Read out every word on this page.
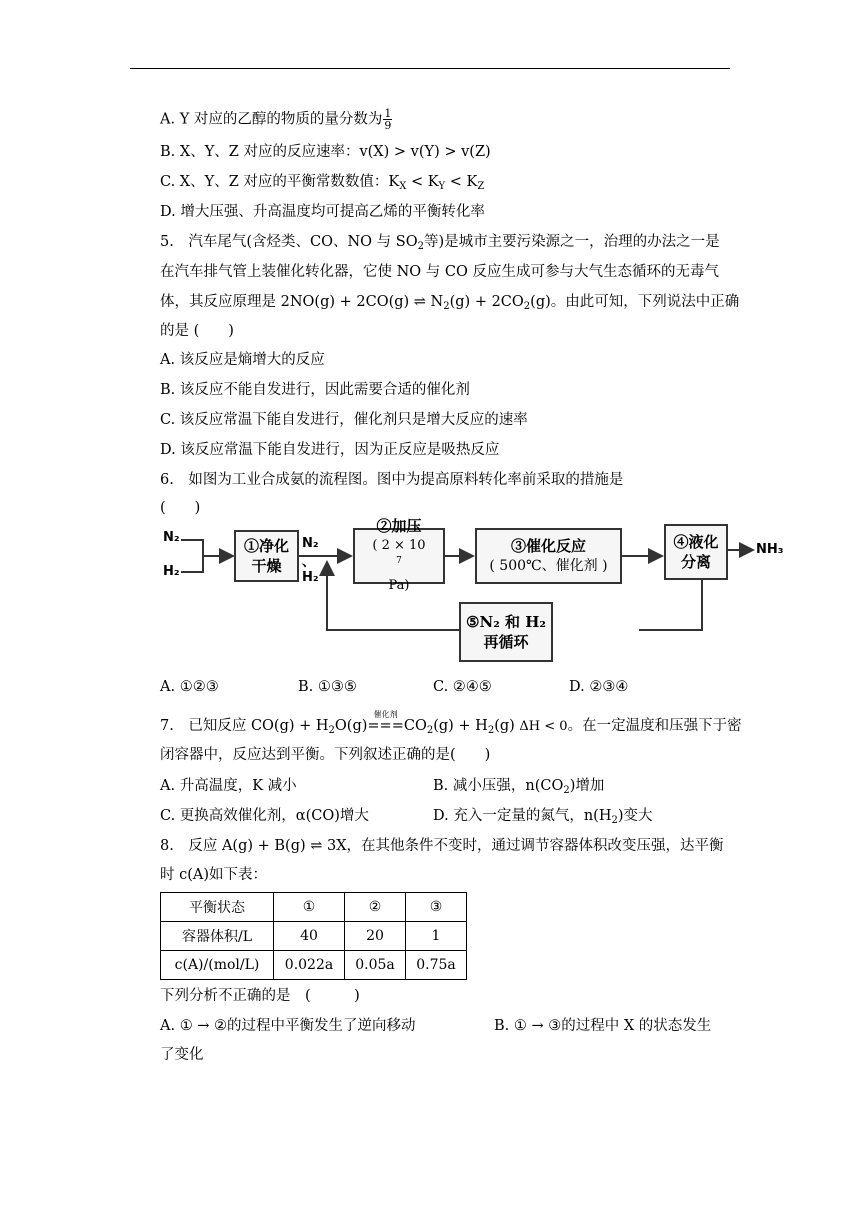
A. Y 对应的乙醇的物质的量分数为 $\frac{1}{9}$
B. X、Y、Z 对应的反应速率：v(X) > v(Y) > v(Z)
C. X、Y、Z 对应的平衡常数数值：$K_X < K_Y < K_Z$
D. 增大压强、升高温度均可提高乙烯的平衡转化率
5.　汽车尾气(含烃类、CO、NO 与 $SO_2$等)是城市主要污染源之一，治理的办法之一是
在汽车排气管上装催化转化器，它使 NO 与 CO 反应生成可参与大气生态循环的无毒气
体，其反应原理是 2NO(g) + 2CO(g) ⇌ $N_2(g) + 2CO_2(g)$。由此可知，下列说法中正确
的是 (　　)
A. 该反应是熵增大的反应
B. 该反应不能自发进行，因此需要合适的催化剂
C. 该反应常温下能自发进行，催化剂只是增大反应的速率
D. 该反应常温下能自发进行，因为正反应是吸热反应
6.　如图为工业合成氨的流程图。图中为提高原料转化率前采取的措施是
(　　)
N₂
H₂
①净化
干燥
N₂ 、H₂
②加压
( 2 × 10
$^7$
Pa)
③催化反应
( 500℃、催化剂 )
④液化
分离
NH₃
⑤N₂ 和 H₂
再循环
A. ①②③	B. ①③⑤	C. ②④⑤	D. ②③④
7.　已知反应 $CO(g) + H_2O(g)$
催化剂
$===CO_2(g) + H_2(g) \Delta H < 0$。在一定温度和压强下于密
闭容器中，反应达到平衡。下列叙述正确的是(　　)
A. 升高温度，K 减小	B. 减小压强，$n(CO_2)$增加
C. 更换高效催化剂，α(CO)增大	D. 充入一定量的氮气，$n(H_2)$变大
8.　反应 A(g) + B(g) ⇌ 3X，在其他条件不变时，通过调节容器体积改变压强，达平衡
时 c(A)如下表：
平衡状态	①	②	③
容器体积/L	40	20	1
c(A)/(mol/L)	0.022a	0.05a	0.75a
下列分析不正确的是　(　　　)
A. ① → ②的过程中平衡发生了逆向移动	B. ① → ③的过程中 X 的状态发生
了变化
